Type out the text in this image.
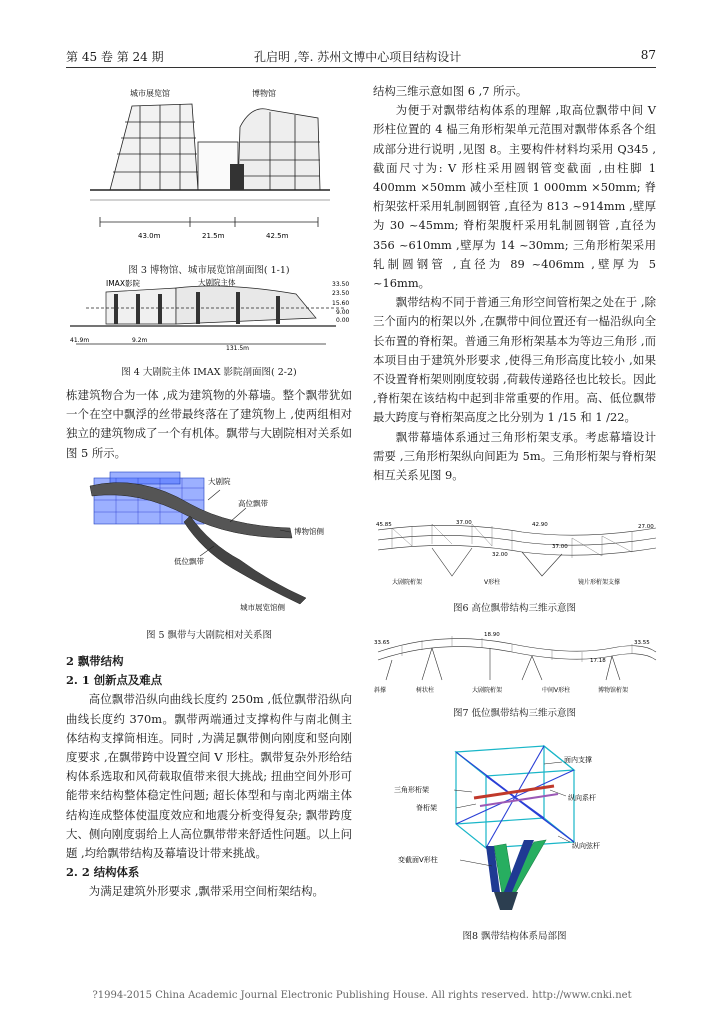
第 45 卷 第 24 期	孔启明 ,等. 苏州文博中心项目结构设计	87
城市展览馆	博物馆
43.0m	21.5m	42.5m
图 3 博物馆、城市展览馆剖面图( 1-1)
IMAX影院	大剧院主体	33.50
23.50
15.60
9.00
0.00
41.9m	9.2m
131.5m
图 4 大剧院主体 IMAX 影院剖面图( 2-2)

栋建筑物合为一体 ,成为建筑物的外幕墙。整个飘带犹如一个在空中飘浮的丝带最终落在了建筑物上 ,使两组相对独立的建筑物成了一个有机体。飘带与大剧院相对关系如图 5 所示。

大剧院
高位飘带
博物馆侧
低位飘带
城市展览馆侧
图 5 飘带与大剧院相对关系图

2 飘带结构

2. 1 创新点及难点

高位飘带沿纵向曲线长度约 250m ,低位飘带沿纵向曲线长度约 370m。飘带两端通过支撑构件与南北侧主体结构支撑筒相连。同时 ,为满足飘带侧向刚度和竖向刚度要求 ,在飘带跨中设置空间 V 形柱。飘带复杂外形给结构体系选取和风荷载取值带来很大挑战; 扭曲空间外形可能带来结构整体稳定性问题; 超长体型和与南北两端主体结构连成整体使温度效应和地震分析变得复杂; 飘带跨度大、侧向刚度弱给上人高位飘带带来舒适性问题。以上问题 ,均给飘带结构及幕墙设计带来挑战。

2. 2 结构体系

为满足建筑外形要求 ,飘带采用空间桁架结构。

结构三维示意如图 6 ,7 所示。

为便于对飘带结构体系的理解 ,取高位飘带中间 V 形柱位置的 4 榀三角形桁架单元范围对飘带体系各个组成部分进行说明 ,见图 8。主要构件材料均采用 Q345 ,截面尺寸为: V 形柱采用圆钢管变截面 ,由柱脚 1 400mm ×50mm 减小至柱顶 1 000mm ×50mm; 脊桁架弦杆采用轧制圆钢管 ,直径为 813 ~914mm ,壁厚为 30 ~45mm; 脊桁架腹杆采用轧制圆钢管 ,直径为 356 ~610mm ,壁厚为 14 ~30mm; 三角形桁架采用轧制圆钢管 ,直径为 89 ~406mm ,壁厚为 5 ~16mm。

飘带结构不同于普通三角形空间管桁架之处在于 ,除三个面内的桁架以外 ,在飘带中间位置还有一榀沿纵向全长布置的脊桁架。普通三角形桁架基本为等边三角形 ,而本项目由于建筑外形要求 ,使得三角形高度比较小 ,如果不设置脊桁架则刚度较弱 ,荷载传递路径也比较长。因此 ,脊桁架在该结构中起到非常重要的作用。高、低位飘带最大跨度与脊桁架高度之比分别为 1 /15 和 1 /22。

飘带幕墙体系通过三角形桁架支承。考虑幕墙设计需要 ,三角形桁架纵向间距为 5m。三角形桁架与脊桁架相互关系见图 9。

45.85	37.00	42.90
32.00
37.00
大剧院桁架	V形柱	镜片形桁架支撑
27.00
图6 高位飘带结构三维示意图
18.90
33.65	33.55
17.18
斜撑	树状柱	大剧院桁架	中间V形柱	博物馆桁架
图7 低位飘带结构三维示意图
面内支撑
三角形桁架
纵向系杆
脊桁架
纵向弦杆
变截面V形柱
图8 飘带结构体系局部图
?1994-2015 China Academic Journal Electronic Publishing House. All rights reserved. http://www.cnki.net
